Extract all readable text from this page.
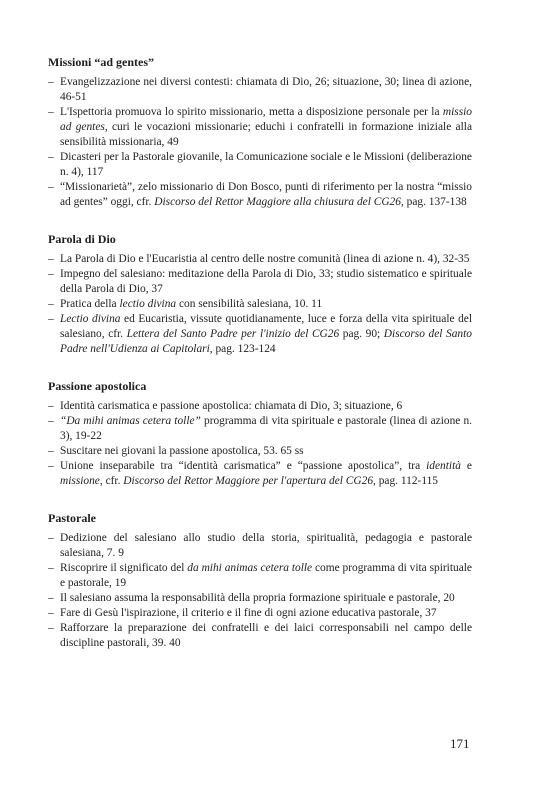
Missioni “ad gentes”
– Evangelizzazione nei diversi contesti: chiamata di Dio, 26; situazione, 30; linea di azione, 46-51
– L'Ispettoria promuova lo spirito missionario, metta a disposizione personale per la missio ad gentes, curi le vocazioni missionarie; educhi i confratelli in formazione iniziale alla sensibilità missionaria, 49
– Dicasteri per la Pastorale giovanile, la Comunicazione sociale e le Missioni (deliberazione n. 4), 117
– “Missionarietà”, zelo missionario di Don Bosco, punti di riferimento per la nostra “missio ad gentes” oggi, cfr. Discorso del Rettor Maggiore alla chiusura del CG26, pag. 137-138
Parola di Dio
– La Parola di Dio e l'Eucaristia al centro delle nostre comunità (linea di azione n. 4), 32-35
– Impegno del salesiano: meditazione della Parola di Dio, 33; studio sistematico e spirituale della Parola di Dio, 37
– Pratica della lectio divina con sensibilità salesiana, 10. 11
– Lectio divina ed Eucaristia, vissute quotidianamente, luce e forza della vita spirituale del salesiano, cfr. Lettera del Santo Padre per l'inizio del CG26 pag. 90; Discorso del Santo Padre nell'Udienza ai Capitolari, pag. 123-124
Passione apostolica
– Identità carismatica e passione apostolica: chiamata di Dio, 3; situazione, 6
– “Da mihi animas cetera tolle” programma di vita spirituale e pastorale (linea di azione n. 3), 19-22
– Suscitare nei giovani la passione apostolica, 53. 65 ss
– Unione inseparabile tra “identità carismatica” e “passione apostolica”, tra identità e missione, cfr. Discorso del Rettor Maggiore per l'apertura del CG26, pag. 112-115
Pastorale
– Dedizione del salesiano allo studio della storia, spiritualità, pedagogia e pastorale salesiana, 7. 9
– Riscoprire il significato del da mihi animas cetera tolle come programma di vita spirituale e pastorale, 19
– Il salesiano assuma la responsabilità della propria formazione spirituale e pastorale, 20
– Fare di Gesù l'ispirazione, il criterio e il fine di ogni azione educativa pastorale, 37
– Rafforzare la preparazione dei confratelli e dei laici corresponsabili nel campo delle discipline pastorali, 39. 40
171
